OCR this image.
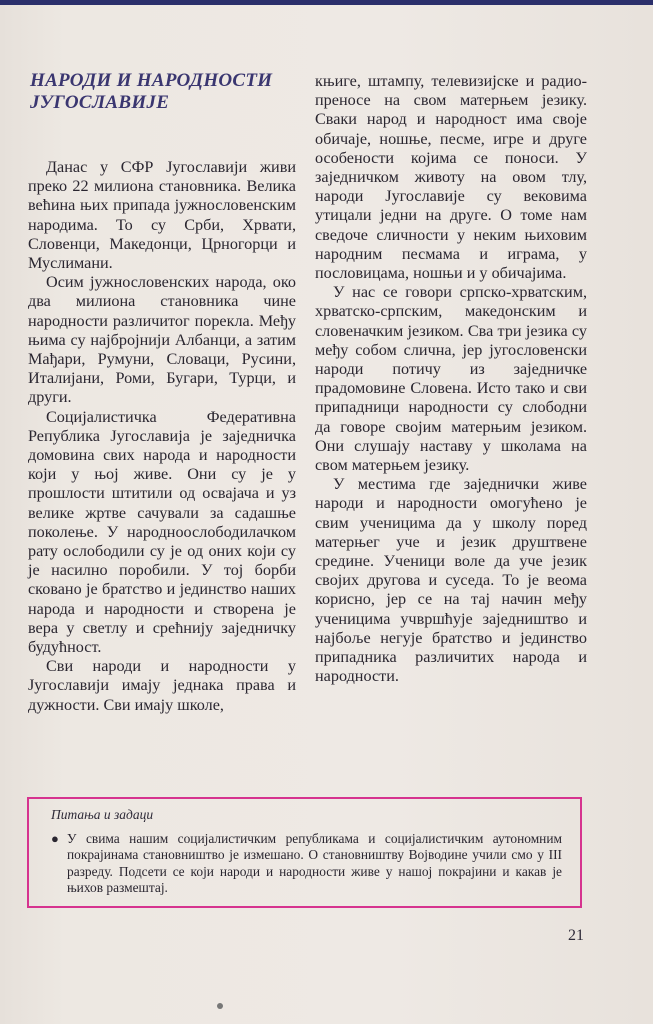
НАРОДИ И НАРОДНОСТИ ЈУГОСЛАВИЈЕ

Данас у СФР Југославији живи преко 22 милиона становника. Велика већина њих припада јужнословенским народима. То су Срби, Хрвати, Словенци, Македонци, Црногорци и Муслимани.

Осим јужнословенских народа, око два милиона становника чине народности различитог порекла. Међу њима су најбројнији Албанци, а затим Мађари, Румуни, Словаци, Русини, Италијани, Роми, Бугари, Турци, и други.

Социјалистичка Федеративна Република Југославија је заједничка домовина свих народа и народности који у њој живе. Они су је у прошлости штитили од освајача и уз велике жртве сачували за садашње поколење. У народноослободилачком рату ослободили су је од оних који су је насилно поробили. У тој борби сковано је братство и јединство наших народа и народности и створена је вера у светлу и срећнију заједничку будућност.

Сви народи и народности у Југославији имају једнака права и дужности. Сви имају школе,

књиге, штампу, телевизијске и радио-преносе на свом матерњем језику. Сваки народ и народност има своје обичаје, ношње, песме, игре и друге особености којима се поноси. У заједничком животу на овом тлу, народи Југославије су вековима утицали једни на друге. О томе нам сведоче сличности у неким њиховим народним песмама и играма, у пословицама, ношњи и у обичајима.

У нас се говори српско-хрватским, хрватско-српским, македонским и словеначким језиком. Сва три језика су међу собом слична, јер југословенски народи потичу из заједничке прадомовине Словена. Исто тако и сви припадници народности су слободни да говоре својим матерњим језиком. Они слушају наставу у школама на свом матерњем језику.

У местима где заједнички живе народи и народности омогућено је свим ученицима да у школу поред матерњег уче и језик друштвене средине. Ученици воле да уче језик својих другова и суседа. То је веома корисно, јер се на тај начин међу ученицима учвршћује заједништво и најбоље негује братство и јединство припадника различитих народа и народности.

Питања и задаци

● У свима нашим социјалистичким републикама и социјалистичким аутономним покрајинама становништво је измешано. О становништву Војводине учили смо у III разреду. Подсети сe који народи и народности живе у нашој покрајини и какав је њихов размештај.

21
